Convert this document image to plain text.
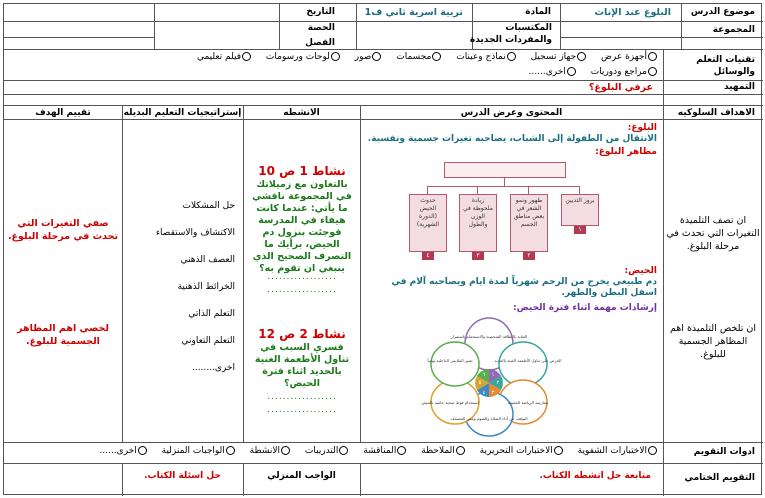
موضوع الدرس
البلوغ عند الإناث
المادة
تربية اسرية ثاني ف1
التاريخ
المجموعة
المكتسبات والمفردات الجديدة
الحصة
الفصل
تقنيات التعلم والوسائل
أجهزة عرض جهاز تسجيل نماذج وعينات مجسمات صور لوحات ورسومات فيلم تعليمي
مراجع ودوريات اخرى......
التمهيد
عرفي البلوغ؟
الاهداف السلوكيه
المحتوى وعرض الدرس
الانشطه
إستراتيجيات التعليم البديله
تقييم الهدف
ان تصف التلميذة التغيرات التي تحدث في مرحلة البلوغ.
ان تلخص التلميذة اهم المظاهر الجسمية للبلوغ.
البلوغ:
الانتقال من الطفولة إلى الشباب، يصاحبه تغيرات جسمية ونفسية.
مظاهر البلوغ:
حدوث الحيض (الدورة الشهرية)
زيادة ملحوظة في الوزن والطول
ظهور ونمو الشعر في بعض مناطق الجسم
بروز الثديين
٤	٣	٢
١
الحيض:
دم طبيعي يخرج من الرحم شهرياً لمدة ايام ويصاحبه آلام في اسفل البطن والظهر.
إرشادات مهمة اثناء فترة الحيض:
العناية بالنظافة الشخصية والاستحمام باستمرار
الحرص على تناول الأطعمة الغنية بالحديد
ممارسة الرياضة الخفيفة
التوقف عن أداء الصلاة والصوم ومس المصحف
استخدام فوط صحية خاصة بالحيض
تغيير الملابس الداخلية يومياً
١
٢
٣
٤
٥
٦
نشاط 1 ص 10
بالتعاون مع زميلاتك في المجموعة ناقشي ما يأتي: عندما كانت هيفاء في المدرسة فوجئت بنزول دم الحيض، برأيك ما التصرف الصحيح الذي ينبغي ان تقوم به؟
..................
..................
نشاط 2 ص 12
فسري السبب في تناول الأطعمة الغنية بالحديد اثناء فترة الحيض؟
..................
..................
حل المشكلات
الاكتشاف والاستقصاء
العصف الذهني
الخرائط الذهنية
التعلم الذاتي
التعلم التعاوني
اخرى........
صفي التغيرات التي تحدث في مرحلة البلوغ.
لخصي اهم المظاهر الجسمية للبلوغ.
ادوات التقويم
الاختبارات الشفوية الاختبارات التحريرية الملاحظة المناقشة التدريبات الانشطة الواجبات المنزلية اخرى......
التقويم الختامي
متابعة حل انشطه الكتاب.
الواجب المنزلي
حل اسئلة الكتاب.
